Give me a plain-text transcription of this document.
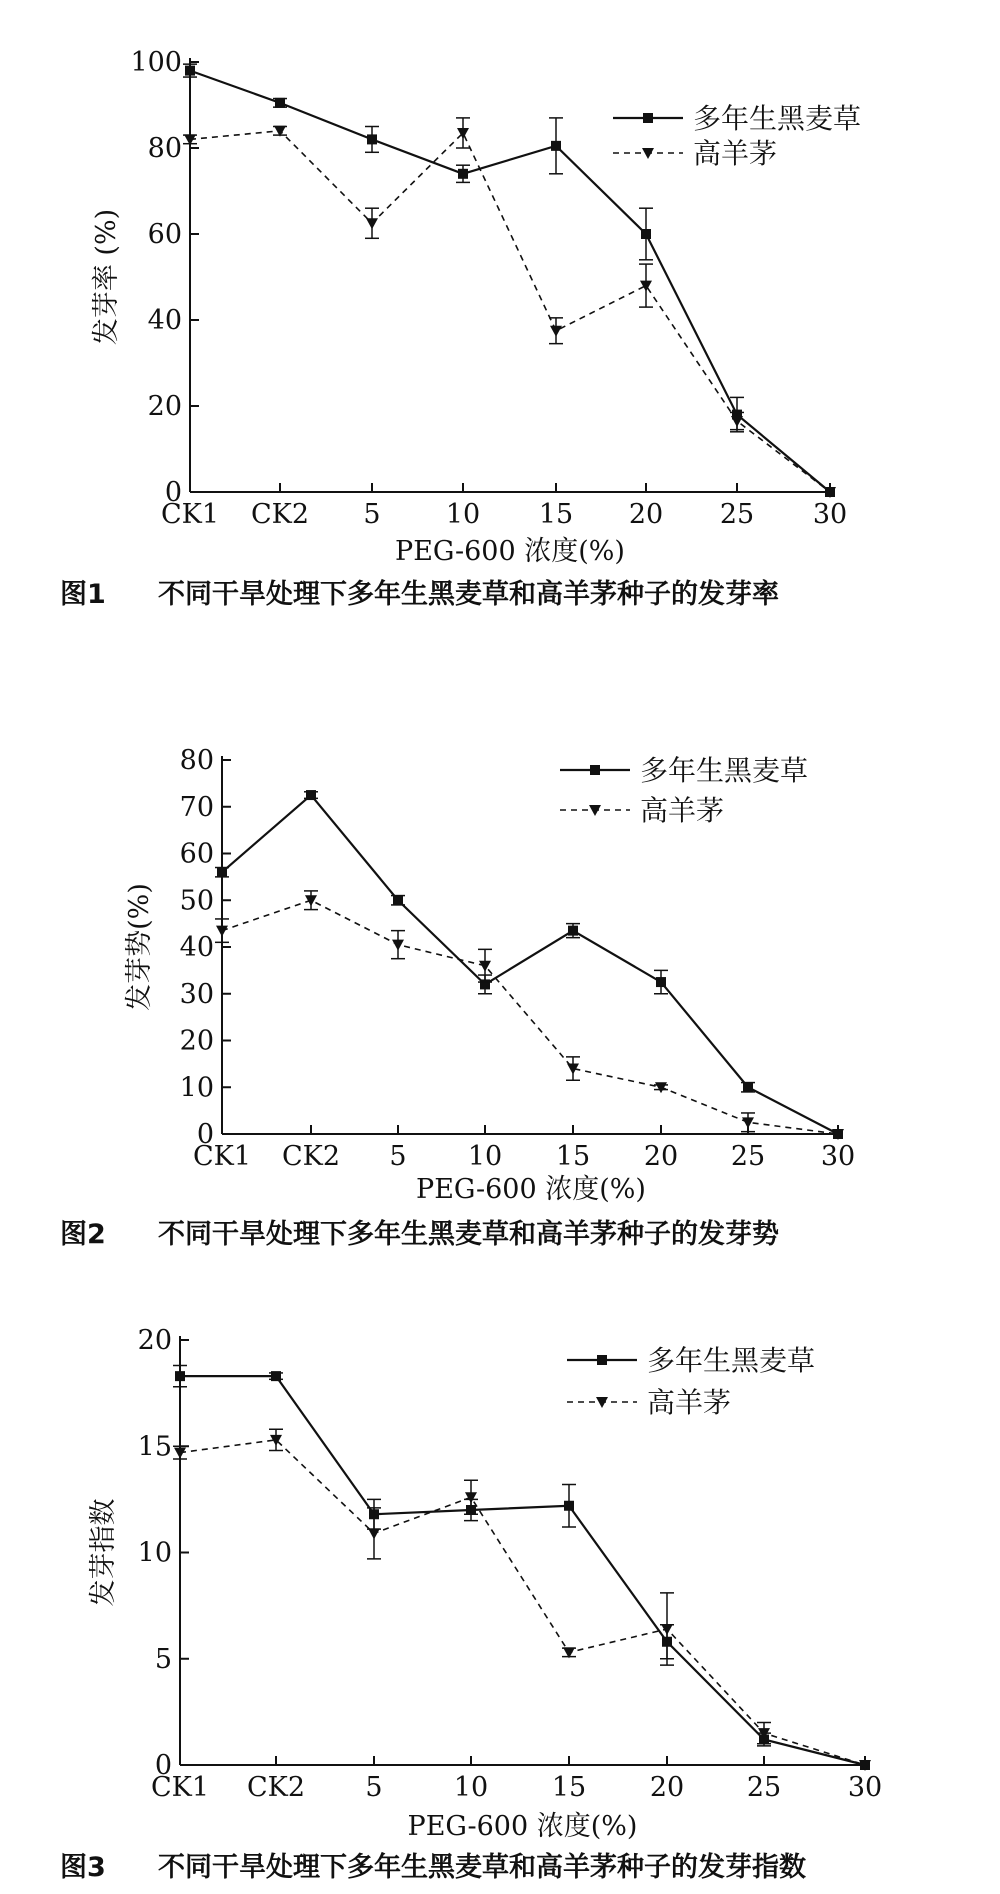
0
20
40
60
80
100
CK1 CK2 5 10 15 20 25 30
PEG-600 浓度(%)
发芽率 (%)
多年生黑麦草
高羊茅
图1 不同干旱处理下多年生黑麦草和高羊茅种子的发芽率
0
10
20
30
40
50
60
70
80
CK1 CK2 5 10 15 20 25 30
PEG-600 浓度(%)
发芽势(%)
多年生黑麦草
高羊茅
图2 不同干旱处理下多年生黑麦草和高羊茅种子的发芽势
0
5
10
15
20
CK1 CK2 5	10 15 20 25 30
PEG-600 浓度(%)
发芽指数
多年生黑麦草
高羊茅
图3 不同干旱处理下多年生黑麦草和高羊茅种子的发芽指数
